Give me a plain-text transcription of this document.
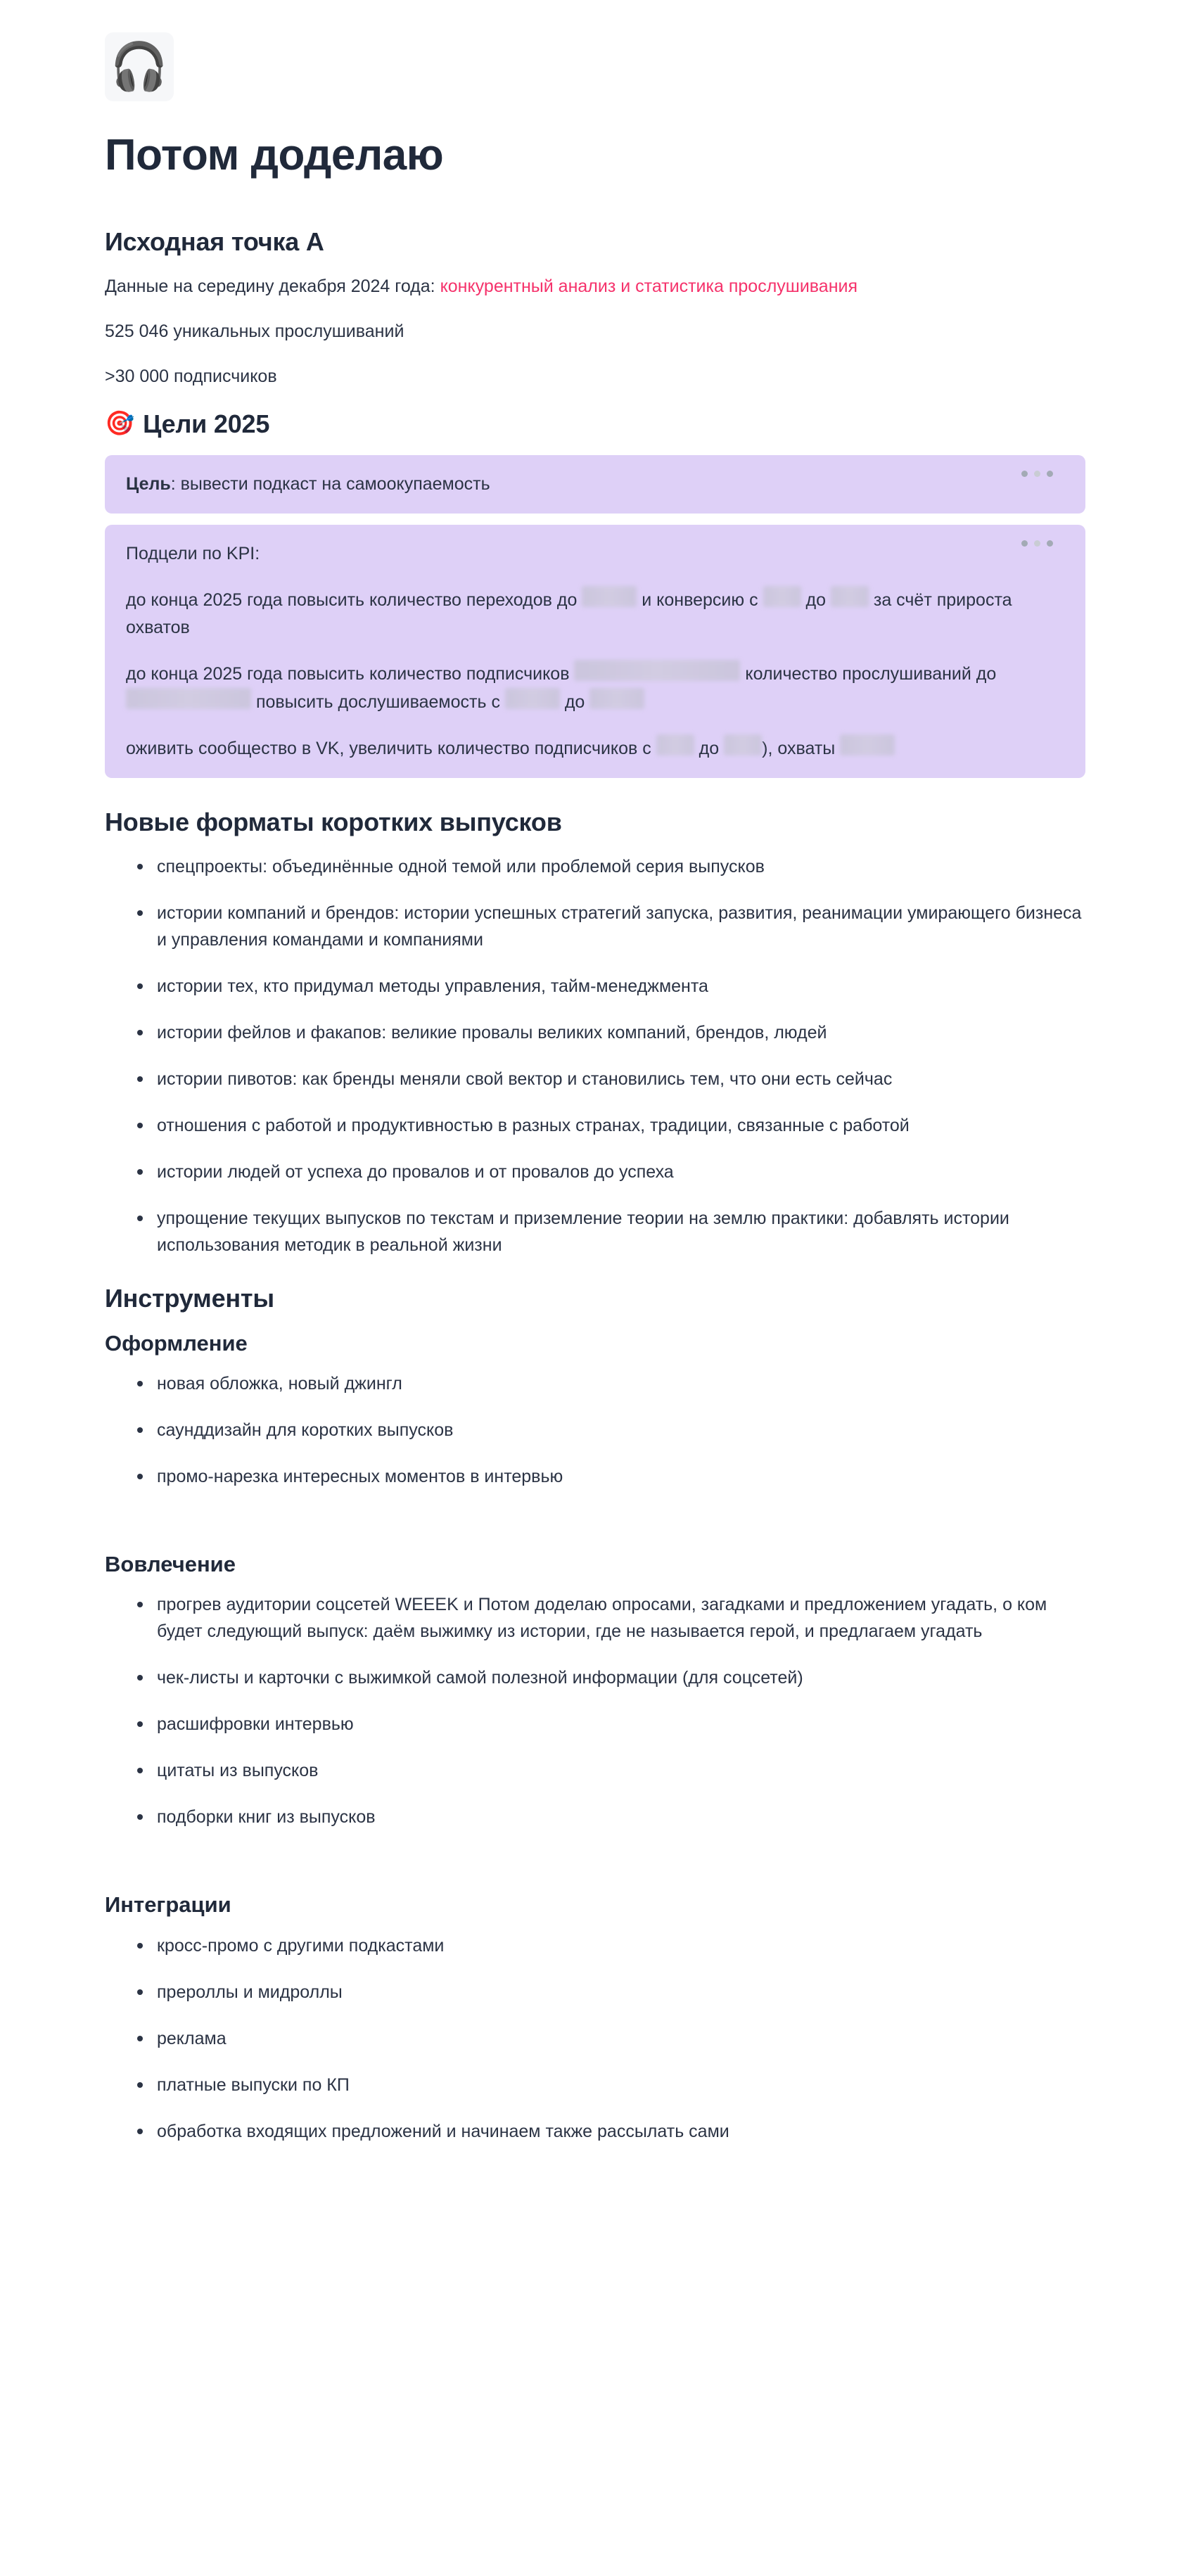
🎧
Потом доделаю
Исходная точка А

Данные на середину декабря 2024 года: конкурентный анализ и статистика прослушивания

525 046 уникальных прослушиваний

>30 000 подписчиков

🎯 Цели 2025

Цель: вывести подкаст на самоокупаемость

Подцели по KPI:

до конца 2025 года повысить количество переходов до	и конверсию с  до  за счёт прироста охватов

до конца 2025 года повысить количество подписчиков	количество прослушиваний до  повысить дослушиваемость с	до

оживить сообщество в VK, увеличить количество подписчиков с  до ), охваты

Новые форматы коротких выпусков
спецпроекты: объединённые одной темой или проблемой серия выпусков
истории компаний и брендов: истории успешных стратегий запуска, развития, реанимации умирающего бизнеса и управления командами и компаниями
истории тех, кто придумал методы управления, тайм-менеджмента
истории фейлов и факапов: великие провалы великих компаний, брендов, людей
истории пивотов: как бренды меняли свой вектор и становились тем, что они есть сейчас
отношения с работой и продуктивностью в разных странах, традиции, связанные с работой
истории людей от успеха до провалов и от провалов до успеха
упрощение текущих выпусков по текстам и приземление теории на землю практики: добавлять истории использования методик в реальной жизни
Инструменты
Оформление
новая обложка, новый джингл
саунддизайн для коротких выпусков
промо-нарезка интересных моментов в интервью
Вовлечение
прогрев аудитории соцсетей WEEEK и Потом доделаю опросами, загадками и предложением угадать, о ком будет следующий выпуск: даём выжимку из истории, где не называется герой, и предлагаем угадать
чек-листы и карточки с выжимкой самой полезной информации (для соцсетей)
расшифровки интервью
цитаты из выпусков
подборки книг из выпусков
Интеграции
кросс-промо с другими подкастами
прероллы и мидроллы
реклама
платные выпуски по КП
обработка входящих предложений и начинаем также рассылать сами
